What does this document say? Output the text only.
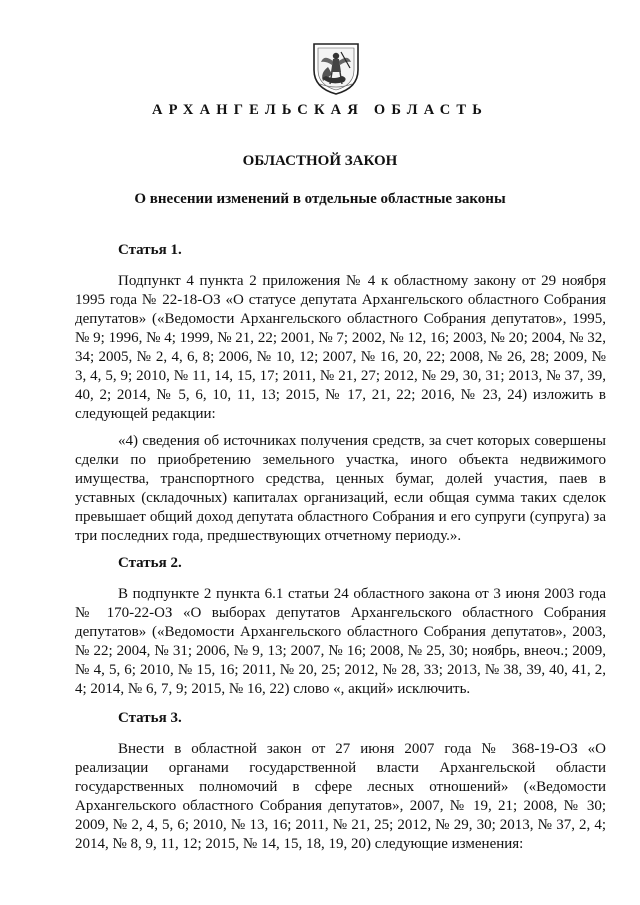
АРХАНГЕЛЬСКАЯ ОБЛАСТЬ
ОБЛАСТНОЙ ЗАКОН
О внесении изменений в отдельные областные законы
Статья 1.

Подпункт 4 пункта 2 приложения № 4 к областному закону от 29 ноября 1995 года № 22-18-ОЗ «О статусе депутата Архангельского областного Собрания депутатов» («Ведомости Архангельского областного Собрания депутатов», 1995, № 9; 1996, № 4; 1999, № 21, 22; 2001, № 7; 2002, № 12, 16; 2003, № 20; 2004, № 32, 34; 2005, № 2, 4, 6, 8; 2006, № 10, 12; 2007, № 16, 20, 22; 2008, № 26, 28; 2009, № 3, 4, 5, 9; 2010, № 11, 14, 15, 17; 2011, № 21, 27; 2012, № 29, 30, 31; 2013, № 37, 39, 40, 2; 2014, № 5, 6, 10, 11, 13; 2015, № 17, 21, 22; 2016, № 23, 24) изложить в следующей редакции:

«4) сведения об источниках получения средств, за счет которых совершены сделки по приобретению земельного участка, иного объекта недвижимого имущества, транспортного средства, ценных бумаг, долей участия, паев в уставных (складочных) капиталах организаций, если общая сумма таких сделок превышает общий доход депутата областного Собрания и его супруги (супруга) за три последних года, предшествующих отчетному периоду.».

Статья 2.

В подпункте 2 пункта 6.1 статьи 24 областного закона от 3 июня 2003 года № 170-22-ОЗ «О выборах депутатов Архангельского областного Собрания депутатов» («Ведомости Архангельского областного Собрания депутатов», 2003, № 22; 2004, № 31; 2006, № 9, 13; 2007, № 16; 2008, № 25, 30; ноябрь, внеоч.; 2009, № 4, 5, 6; 2010, № 15, 16; 2011, № 20, 25; 2012, № 28, 33; 2013, № 38, 39, 40, 41, 2, 4; 2014, № 6, 7, 9; 2015, № 16, 22) слово «, акций» исключить.

Статья 3.

Внести в областной закон от 27 июня 2007 года № 368-19-ОЗ «О реализации органами государственной власти Архангельской области государственных полномочий в сфере лесных отношений» («Ведомости Архангельского областного Собрания депутатов», 2007, № 19, 21; 2008, № 30; 2009, № 2, 4, 5, 6; 2010, № 13, 16; 2011, № 21, 25; 2012, № 29, 30; 2013, № 37, 2, 4; 2014, № 8, 9, 11, 12; 2015, № 14, 15, 18, 19, 20) следующие изменения:
